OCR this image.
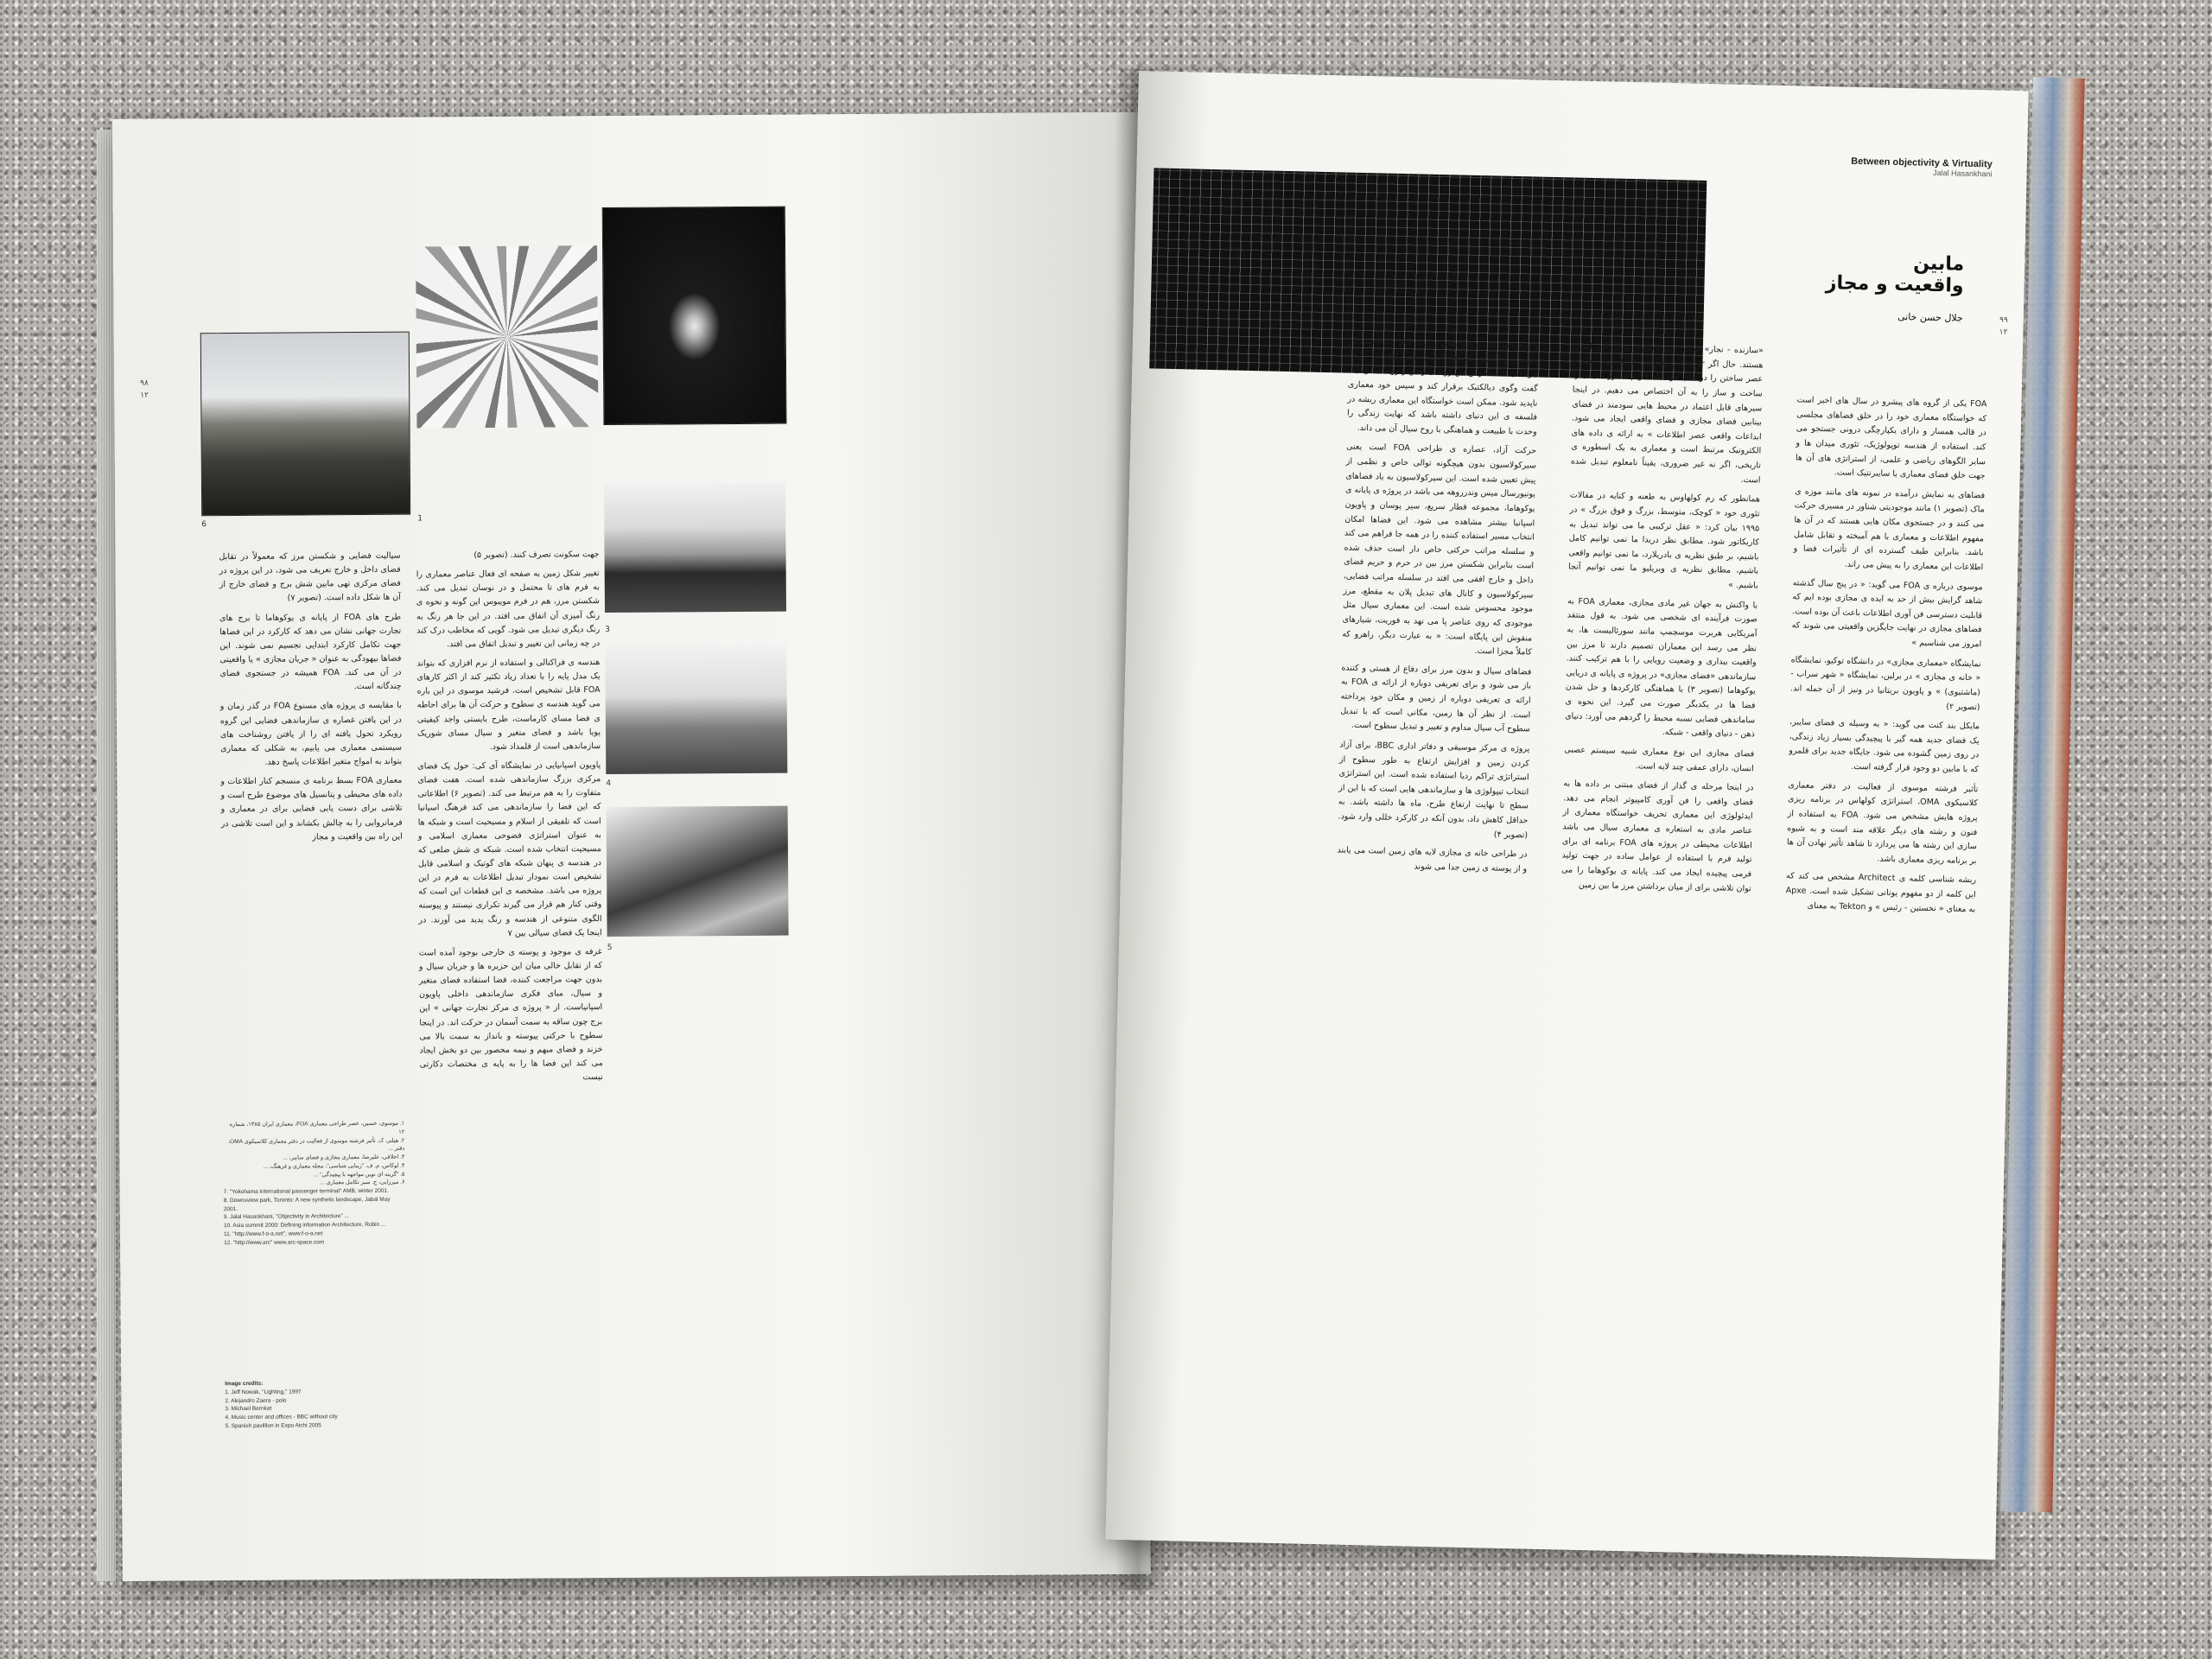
6
1
3
4
5
۹۸
۱۲

جهت سکونت تصرف کنند. (تصویر ۵)

تغییر شکل زمین به صفحه ای فعال عناصر معماری را به فرم های تا محتمل و در نوسان تبدیل می کند. شکستن مرز، هم در فرم مویبوس این گونه و نحوه ی رنگ آمیزی آن اتفاق می افتد. در این جا هر رنگ به رنگ دیگری تبدیل می شود. گویی که مخاطب درک کند در چه زمانی این تغییر و تبدیل اتفاق می افتد.

هندسه ی فراکتالی و استفاده از نرم افزاری که بتواند یک مدل پایه را با تعداد زیاد تکثیر کند از اکثر کارهای FOA قابل تشخیص است. فرشید موسوی در این باره می گوید هندسه ی سطوح و حرکت آن ها برای احاطه ی فضا مسای کارماست، طرح بایستی واجد کیفیتی پویا باشد و فضای متغیر و سیال مسای شوریک سازماندهی است از قلمداد شود.

پاویون اسپانیایی در نمایشگاه آی کی: حول یک فضای مرکزی بزرگ سازماندهی شده است. هفت فضای متفاوت را به هم مرتبط می کند. (تصویر ۶) اطلاعاتی که این فضا را سازماندهی می کند فرهنگ اسپانیا است که تلفیقی از اسلام و مسیحیت است و شبکه ها به عنوان استراتژی فضوحی معماری اسلامی و مسیحیت انتخاب شده است. شبکه ی شش ضلعی که در هندسه ی پنهان شبکه های گوتیک و اسلامی قابل تشخیص است نمودار تبدیل اطلاعات به فرم در این پروژه می باشد. مشخصه ی این قطعات این است که وقتی کنار هم قرار می گیرند تکراری نیستند و پیوسته الگوی متنوعی از هندسه و رنگ پدید می آورند. در اینجا یک فضای سیالی بین ۷

غرفه ی موجود و پوسته ی خارجی بوجود آمده است که از تقابل خالی میان این حزیره ها و جریان سیال و بدون جهت مراجعت کننده، فضا استفاده فضای متغیر و سیال، مبای فکری سازماندهی داخلی پاویون اسپانیاست. از « پروژه ی مرکز تجارت جهانی » این برج چون ساقه به سمت آسمان در حرکت اند. در اینجا سطوح با حرکتی پیوسته و بانداز به سمت بالا می خزند و فضای مبهم و نیمه محصور بین دو بخش ایجاد می کند این فضا ها را به پایه ی مختصات دکارتی نیست

سیالیت فضایی و شکستن مرز که معمولاً در تقابل فضای داخل و خارج تعریف می شود، در این پروژه در فضای مرکزی تهی مابین شش برج و فضای خارج از آن ها شکل داده است. (تصویر ۷)

طرح های FOA از پایانه ی یوکوهاما تا برج های تجارت جهانی نشان می دهد که کارکرد در این فضاها جهت تکامل کارکرد ابتدایی تجسیم نمی شوند. این فضاها بیهودگی به عنوان « جریان مجازی » یا واقعیتی در آن می کند. FOA همیشه در جستجوی فضای چندگانه است.

با مقایسه ی پروژه های مسنوع FOA در گذر زمان و در این یافتن غصاره ی سازماندهی فضایی این گروه رویکرد تحول یافته ای را از یافتن روشناخت های سیستمی معماری می یابیم، به شکلی که معماری بتواند به امواج متغیر اطلاعات پاسخ دهد.

معماری FOA بسط برنامه ی منسجم کنار اطلاعات و داده های محیطی و پتانسیل های موضوع طرح است و تلاشی برای دست یابی فضایی برای در معماری و فرمانروایی را به چالش بکشاند و این است تلاشی در این راه بین واقعیت و مجاز

۱. موسوی، حسین، عصر طراحی معماری FOA، معماری ایران ۱۳۸۵، شماره ۱۲
۲. هیلنر، ک. تأثیر فرشته موسوی از فعالیت در دفتر معماری کلاسیکوی OMA، دفتر ...
۳. اخلاقی، علیرضا، معماری مجازی و فضای سایبر، ...
۴. لوکاس، م. ف. "زیبایی شناسی"، مجله معماری و فرهنگ، ...
۵. "گزینه ای نوین مواجهه با پیچیدگی" ...
۶. میرزایی، ح. سیر تکامل معماری ...
7. "Yokohama international passenger terminal" AMB, winter 2001.
8. Downsview park, Toronto: A new synthetic landscape, Jabal May 2001.
9. Jalal Hasankhani, "Objectivity in Architecture" ...
10. Asia summit 2000: Defining information Architecture, Robin ...
11. "http://www.f-o-a.net", www.f-o-a.net
12. "http://www.arc" www.arc-space.com
Image credits:
1. Jeff Nowak, "Lighting," 1997
2. Alejandro Zaera - polo
3. Michael Bernkat
4. Music center and offices - BBC without city
5. Spanish pavillion in Expo Aichi 2005
Between objectivity & Virtuality
Jalal Hasankhani
مابین
واقعیت و مجاز
جلال حسن خانی	۹۹
۱۲

FOA یکی از گروه های پیشرو در سال های اخیر است که خواستگاه معماری خود را در خلق فضاهای مجلسی در قالب همسار و دارای یکپارچگی درونی جستجو می کند. استفاده از هندسه توپولوژیک، تئوری میدان ها و سایر الگوهای ریاضی و علمی، از استراتژی های آن ها جهت خلق فضای معماری یا سایبرنتیک است.

فضاهای به نمایش درآمده در نمونه های مانند موزه ی ماک (تصویر ۱) مانند موجودیتی شناور در مسیری حرکت می کنند و در جستجوی مکان هایی هستند که در آن ها مفهوم اطلاعات و معماری با هم آمیخته و تقابل شامل باشد. بنابراین طیف گسترده ای از تأثیرات فضا و اطلاعات این معماری را به پیش می راند.

موسوی درباره ی FOA می گوید: « در پنج سال گذشته شاهد گرایش بیش از حد به ایده ی مجازی بوده ایم که قابلیت دسترسی فن آوری اطلاعات باعث آن بوده است. فضاهای مجازی در نهایت جایگزین واقعیتی می شوند که امروز می شناسیم »

نمایشگاه «معماری مجازی» در دانشگاه توکیو، نمایشگاه « خانه ی مجازی » در برلین، نمایشگاه « شهر سراب - (ماشتیوی) » و پاویون بریتانیا در ونیز از آن جمله اند. (تصویر ۲)

مایکل بند کنت می گوید: « به وسیله ی فضای سایبر، یک فضای جدید همه گیر با پیچیدگی بسیار زیاد زندگی، در روی زمین گشوده می شود. جایگاه جدید برای قلمرو که با مابین دو وجود قرار گرفته است.

تأثیر فرشته موسوی از فعالیت در دفتر معماری کلاسیکوی OMA، استراتژی کولهاس در برنامه ریزی پروژه هایش مشخص می شود. FOA به استفاده از فنون و رشته های دیگر علاقه مند است و به شیوه سازی این رشته ها می پردازد تا شاهد تأثیر نهادن آن ها بر برنامه ریزی معماری باشد.

ریشه شناسی کلمه ی Architect مشخص می کند که این کلمه از دو مفهوم یونانی تشکیل شده است. Apxe به معنای « نخستین - رئیس » و Tekton به معنای

«سازنده - نجار» است؛ پس معماران سازندگان اصلی هستند. حال اگر Cyber را به جای Archi قرار دهیم و عصر ساختن را در جای خود نگه داریم قلمرو جدیدی را ساخت و ساز را به آن اختصاص می دهیم. در اینجا سیرهای قابل اعتماد در محیط هایی سودمند در فضای بینابین فضای مجازی و فضای واقعی ایجاد می شود. ابداعات واقعی عصر اطلاعات » به ارائه ی داده های الکترونیک مرتبط است و معماری به یک اسطوره ی تاریخی، اگر نه غیر ضروری، یقیناً نامعلوم تبدیل شده است.

همانطور که رم کولهاوس به طعنه و کنایه در مقالات تئوری خود « کوچک، متوسط، بزرگ و فوق بزرگ » در ۱۹۹۵ بیان کرد: « عقل ترکیبی ما می تواند تبدیل به کاریکاتور شود. مطابق نظر دریدا ما نمی توانیم کامل باشیم، بر طبق نظریه ی بادریلارد، ما نمی توانیم واقعی باشیم، مطابق نظریه ی ویریلیو ما نمی توانیم آنجا باشیم. »

با واکنش به جهان غیر مادی مجازی، معماری FOA به صورت فرآینده ای شخصی می شود. به قول منتقد آمریکایی هربرت موسچمپ مانند سورئالیست ها، به نظر می رسد این معماران تصمیم دارند تا مرز بین واقعیت بیداری و وضعیت رویایی را با هم ترکیب کنند. سازماندهی «فضای مجازی» در پروژه ی پایانه ی دریایی یوکوهاما (تصویر ۳) با هماهنگی کارکردها و حل شدن فضا ها در یکدیگر صورت می گیرد. این نحوه ی ساماندهی فضایی نسبه محیط را گردهم می آورد: دنیای ذهن - دنیای واقعی - شبکه.

فضای مجازی این نوع معماری شبیه سیستم عصبی انسان، دارای عمقی چند لایه است.

در اینجا مرحله ی گذار از فضای مبتنی بر داده ها به فضای واقعی را فن آوری کامپیوتر انجام می دهد. ایدئولوژی این معماری تحریف خواستگاه معماری از عناصر مادی به استعاره ی معماری سیال می باشد اطلاعات محیطی در پروژه های FOA برنامه ای برای تولید فرم با استفاده از عوامل ساده در جهت تولید فرمی پیچیده ایجاد می کند. پایانه ی یوکوهاما را می توان تلاشی برای از میان برداشتن مرز ما بین زمین

و دریا نامید، این پروژه سعی دارد به جای ایجاد تضاد در طبیعت و ایجاد یک فرمالیست سمبولیک، با ایجاد جریاناتی نا محسوس بین رویه ی زمین و رویه ی دریا یک گفت وگوی دیالکتیک برقرار کند و سپس خود معماری ناپدید شود. ممکن است خواستگاه این معماری ریشه در فلسفه ی این دنیای داشته باشد که نهایت زندگی را وحدت با طبیعت و هماهنگی با روح سیال آن می داند.

حرکت آزاد، عصاره ی طراحی FOA است یعنی سیرکولاسیون بدون هیچگونه توالی خاص و نظمی از پیش تعیین شده است. این سیرکولاسیون به یاد فضاهای یونیورسال میس وندرروهه می باشد در پروژه ی پایانه ی یوکوهاما، مجموعه قطار سریع، سیر پوسان و پاویون اسپانیا بیشتر مشاهده می شود. این فضاها امکان انتخاب مسیر استفاده کننده را در همه جا فراهم می کند و سلسله مراتب حرکتی خاص دار است حذف شده است بنابراین شکستن مرز بین در حرم و حریم فضای داخل و خارج افقی می افتد در سلسله مراتب فضایی، سیرکولاسیون و کانال های تبدیل پلان به مقطع، مرز موجود محسوس شده است. این معماری سیال مثل موجودی که روی عناصر پا می نهد به فوریت، شیارهای منقوش این پایگاه است: « به عبارت دیگر، راهرو که کاملاً مجزا است.

فضاهای سیال و بدون مرز برای دفاع از هستی و کننده باز می شود و برای تعریفی دوباره از ارائه ی FOA به ارائه ی تعریفی دوباره از زمین و مکان خود پرداخته است. از نظر آن ها زمین، مکانی است که با تبدیل سطوح آب سیال مداوم و تغییر و تبدیل سطوح است.

پروژه ی مرکز موسیقی و دفاتر اداری BBC، برای آزاد کردن زمین و افزایش ارتفاع به طور سطوح از استراتژی تراکم ردیا استفاده شده است. این استراتژی انتخاب تیپولوژی ها و سازماندهی هایی است که با این از سطح تا نهایت ارتفاع طرح، ماه ها داشته باشد. به حداقل کاهش داد، بدون آنکه در کارکرد خللی وارد شود. (تصویر ۴)

در طراحی خانه ی مجازی لایه های زمین است می یابند و از پوسته ی زمین جدا می شوند
